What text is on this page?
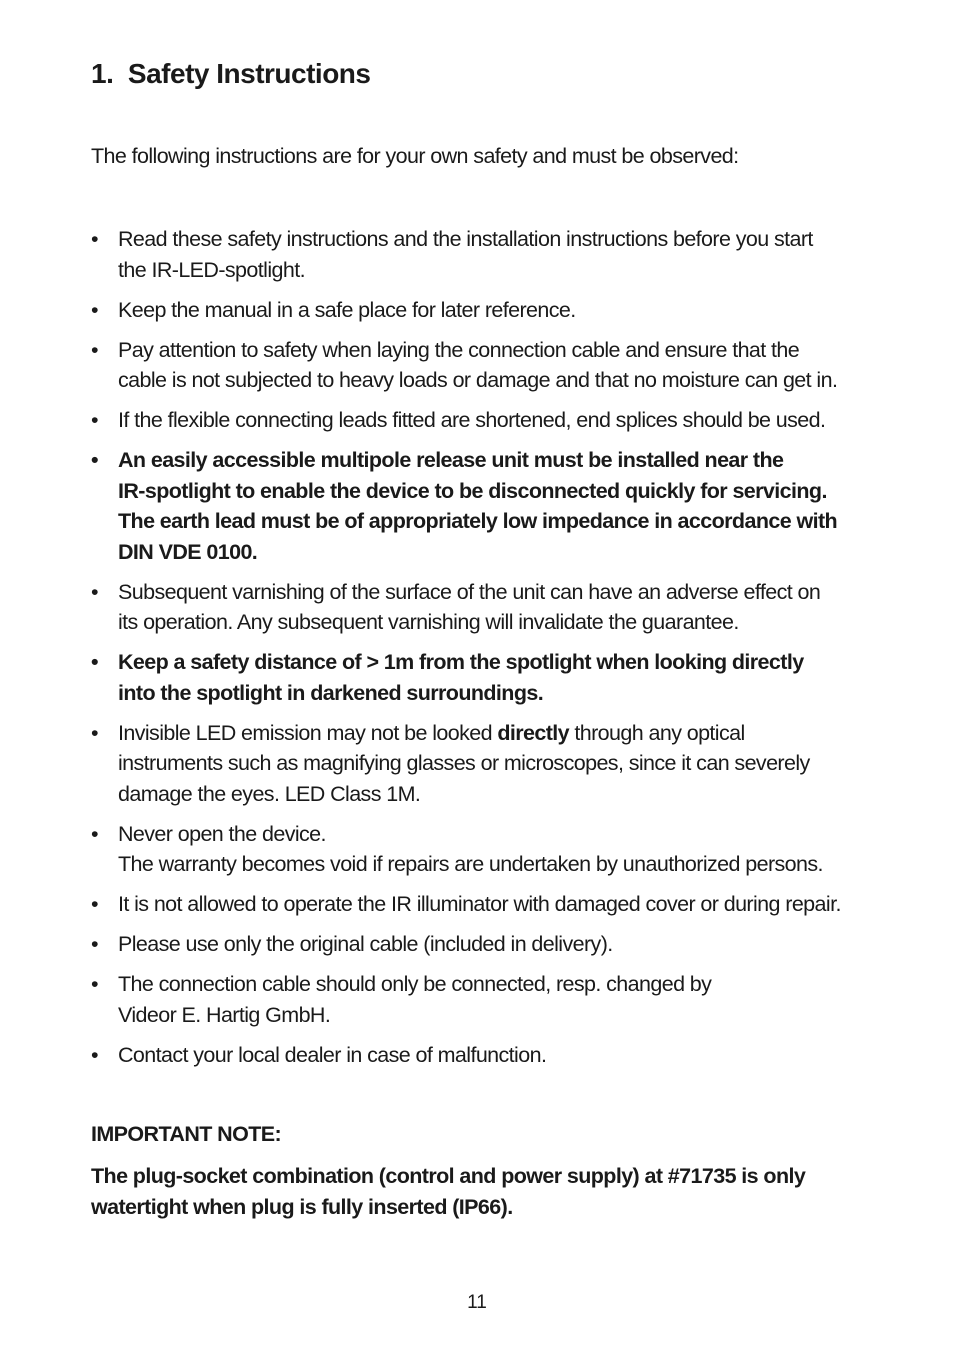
1. Safety Instructions
The following instructions are for your own safety and must be observed:
• Read these safety instructions and the installation instructions before you start
the IR-LED-spotlight.
• Keep the manual in a safe place for later reference.
• Pay attention to safety when laying the connection cable and ensure that the
cable is not subjected to heavy loads or damage and that no moisture can get in.
• If the flexible connecting leads fitted are shortened, end splices should be used.
• An easily accessible multipole release unit must be installed near the
IR-spotlight to enable the device to be disconnected quickly for servicing.
The earth lead must be of appropriately low impedance in accordance with
DIN VDE 0100.
• Subsequent varnishing of the surface of the unit can have an adverse effect on
its operation. Any subsequent varnishing will invalidate the guarantee.
• Keep a safety distance of > 1m from the spotlight when looking directly
into the spotlight in darkened surroundings.
• Invisible LED emission may not be looked directly through any optical
instruments such as magnifying glasses or microscopes, since it can severely
damage the eyes. LED Class 1M.
• Never open the device.
The warranty becomes void if repairs are undertaken by unauthorized persons.
• It is not allowed to operate the IR illuminator with damaged cover or during repair.
• Please use only the original cable (included in delivery).
• The connection cable should only be connected, resp. changed by
Videor E. Hartig GmbH.
• Contact your local dealer in case of malfunction.
IMPORTANT NOTE:
The plug-socket combination (control and power supply) at #71735 is only
watertight when plug is fully inserted (IP66).
11
